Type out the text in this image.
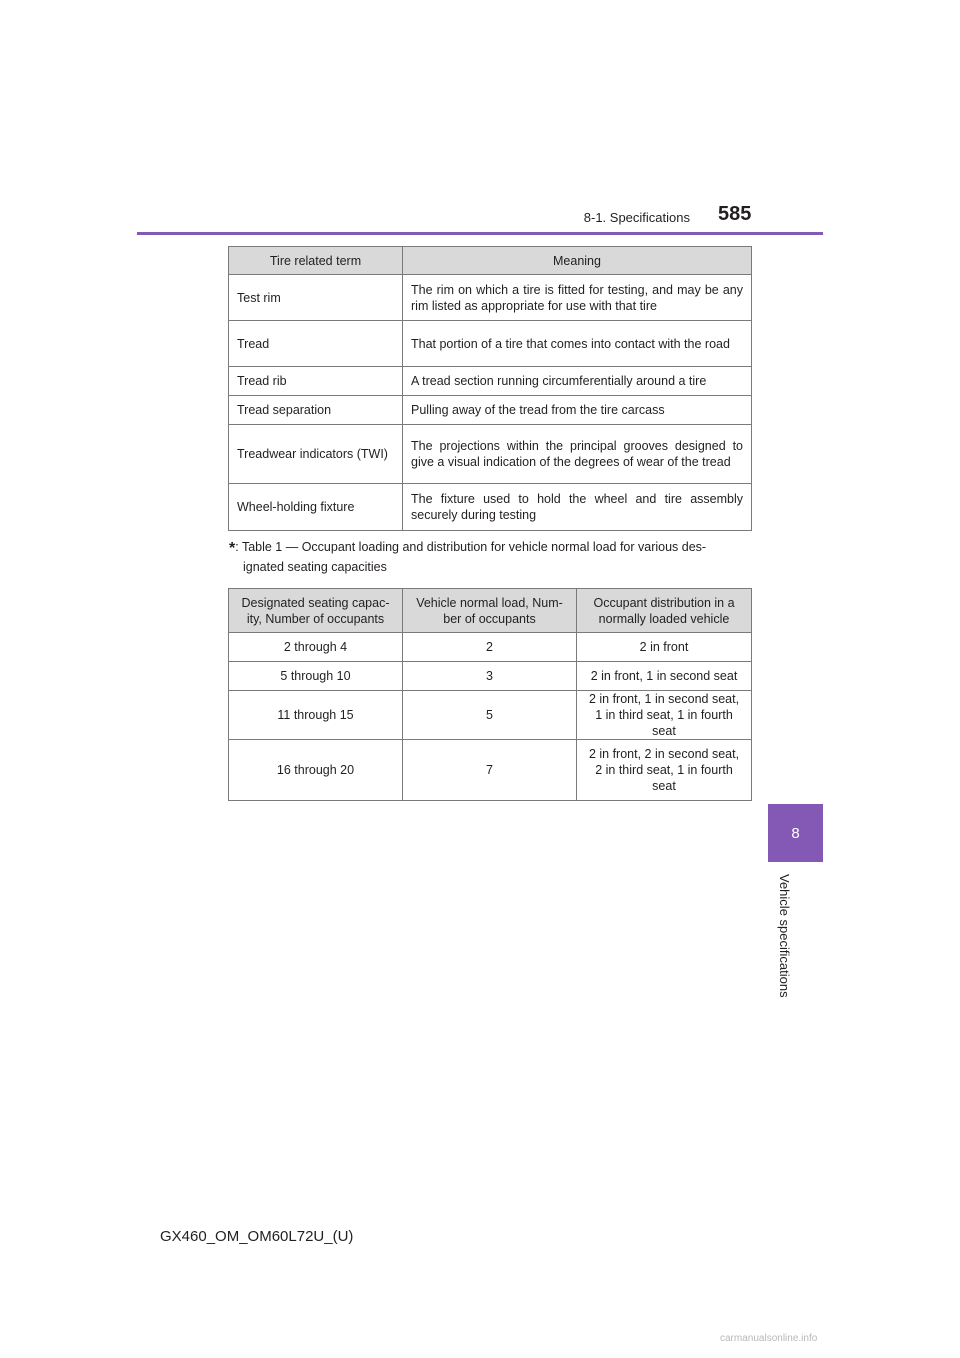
8-1. Specifications 585
Tire related term	Meaning
Test rim	The rim on which a tire is fitted for testing, and may be any rim listed as appropriate for use with that tire
Tread	That portion of a tire that comes into contact with the road
Tread rib	A tread section running circumferentially around a tire
Tread separation	Pulling away of the tread from the tire carcass
Treadwear indicators (TWI)	The projections within the principal grooves designed to give a visual indication of the degrees of wear of the tread
Wheel-holding fixture	The fixture used to hold the wheel and tire assembly securely during testing
*: Table 1 — Occupant loading and distribution for vehicle normal load for various des-
ignated seating capacities
Designated seating capac-ity, Number of occupants	Vehicle normal load, Num-ber of occupants	Occupant distribution in a normally loaded vehicle
2 through 4	2	2 in front
5 through 10	3	2 in front, 1 in second seat
11 through 15	5	2 in front, 1 in second seat, 1 in third seat, 1 in fourth seat
16 through 20	7	2 in front, 2 in second seat, 2 in third seat, 1 in fourth seat
8
Vehicle specifications
GX460_OM_OM60L72U_(U)
carmanualsonline.info
